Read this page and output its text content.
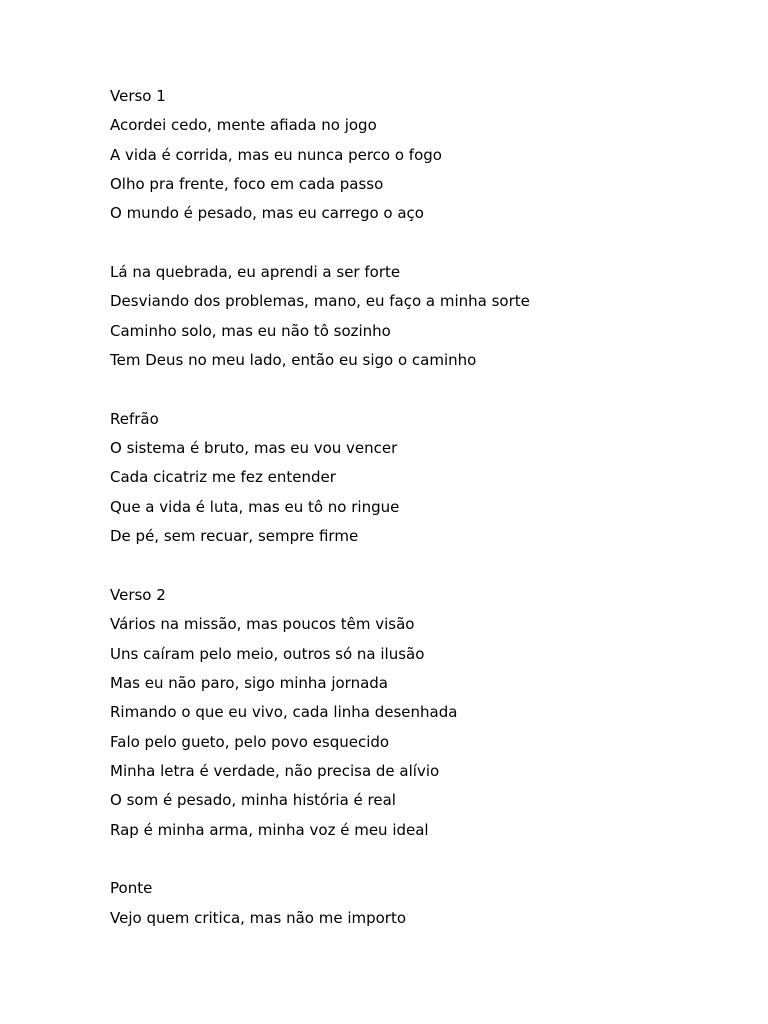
Verso 1
Acordei cedo, mente afiada no jogo
A vida é corrida, mas eu nunca perco o fogo
Olho pra frente, foco em cada passo
O mundo é pesado, mas eu carrego o aço
Lá na quebrada, eu aprendi a ser forte
Desviando dos problemas, mano, eu faço a minha sorte
Caminho solo, mas eu não tô sozinho
Tem Deus no meu lado, então eu sigo o caminho
Refrão
O sistema é bruto, mas eu vou vencer
Cada cicatriz me fez entender
Que a vida é luta, mas eu tô no ringue
De pé, sem recuar, sempre firme
Verso 2
Vários na missão, mas poucos têm visão
Uns caíram pelo meio, outros só na ilusão
Mas eu não paro, sigo minha jornada
Rimando o que eu vivo, cada linha desenhada
Falo pelo gueto, pelo povo esquecido
Minha letra é verdade, não precisa de alívio
O som é pesado, minha história é real
Rap é minha arma, minha voz é meu ideal
Ponte
Vejo quem critica, mas não me importo
